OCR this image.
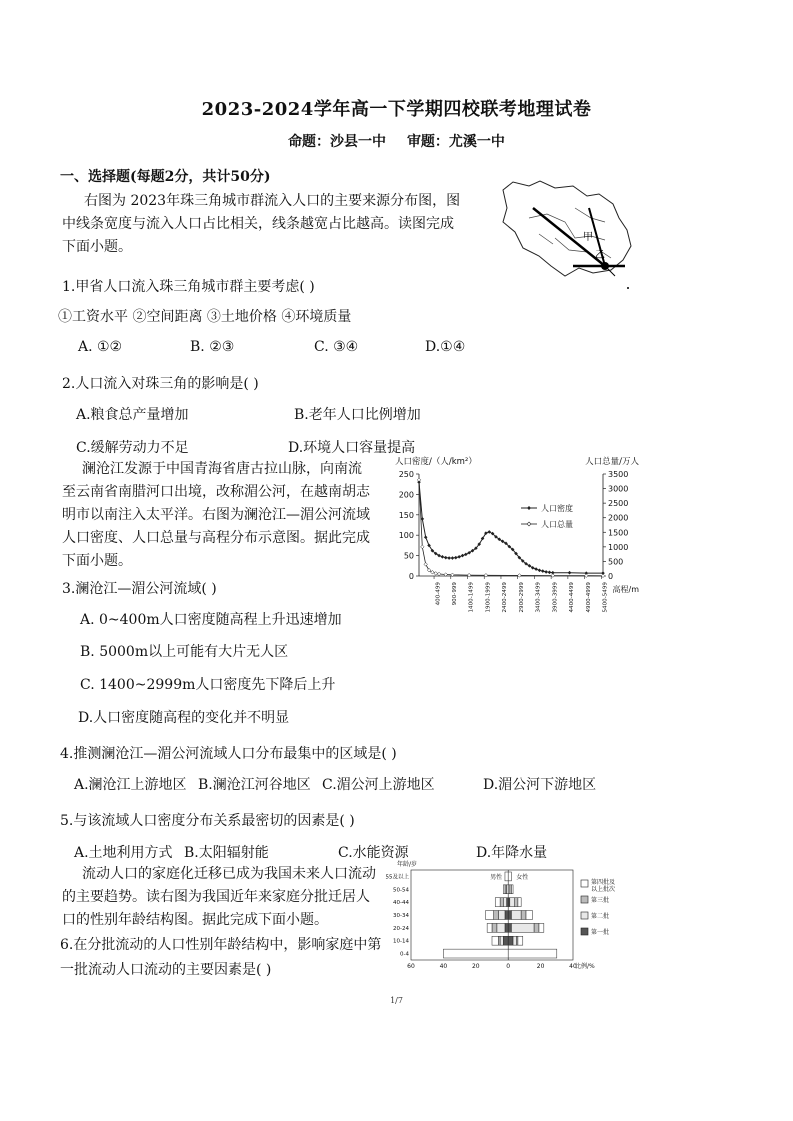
2023-2024学年高一下学期四校联考地理试卷
命题：沙县一中 审题：尤溪一中
一、选择题(每题2分，共计50分)
右图为 2023年珠三角城市群流入人口的主要来源分布图，图
中线条宽度与流入人口占比相关，线条越宽占比越高。读图完成
下面小题。
甲
乙
1.甲省人口流入珠三角城市群主要考虑( )
①工资水平 ②空间距离 ③土地价格 ④环境质量
A. ①②	B. ②③	C. ③④	D.①④
2.人口流入对珠三角的影响是( )
A.粮食总产量增加	B.老年人口比例增加
C.缓解劳动力不足	D.环境人口容量提高
澜沧江发源于中国青海省唐古拉山脉，向南流
至云南省南腊河口出境，改称湄公河，在越南胡志
明市以南注入太平洋。右图为澜沧江—湄公河流域
人口密度、人口总量与高程分布示意图。据此完成
下面小题。
人口密度/（人/km²）	人口总量/万人
高程/m
人口密度
人口总量
0
50
100
150
200
250
0
500
1000
1500
2000
2500
3000
3500
400-499 900-999 1400-1499 1900-1999 2400-2499 2900-2999 3400-3499 3900-3999 4400-4499 4900-4999 5400-5499
3.澜沧江—湄公河流域( )
A. 0~400m人口密度随高程上升迅速增加
B. 5000m以上可能有大片无人区
C. 1400~2999m人口密度先下降后上升
D.人口密度随高程的变化并不明显
4.推测澜沧江—湄公河流域人口分布最集中的区域是( )
A.澜沧江上游地区 B.澜沧江河谷地区 C.湄公河上游地区	D.湄公河下游地区
5.与该流域人口密度分布关系最密切的因素是( )
A.土地利用方式 B.太阳辐射能	C.水能资源	D.年降水量
流动人口的家庭化迁移已成为我国未来人口流动
的主要趋势。读右图为我国近年来家庭分批迁居人
口的性别年龄结构图。据此完成下面小题。
6.在分批流动的人口性别年龄结构中，影响家庭中第
一批流动人口流动的主要因素是( )
年龄/岁
男性 女性
60	40	20	0	20	40
比例/%
0-4
10-14
20-24
30-34
40-44
50-54
55及以上
第四批及
以上批次
第三批
第二批
第一批
1/7
